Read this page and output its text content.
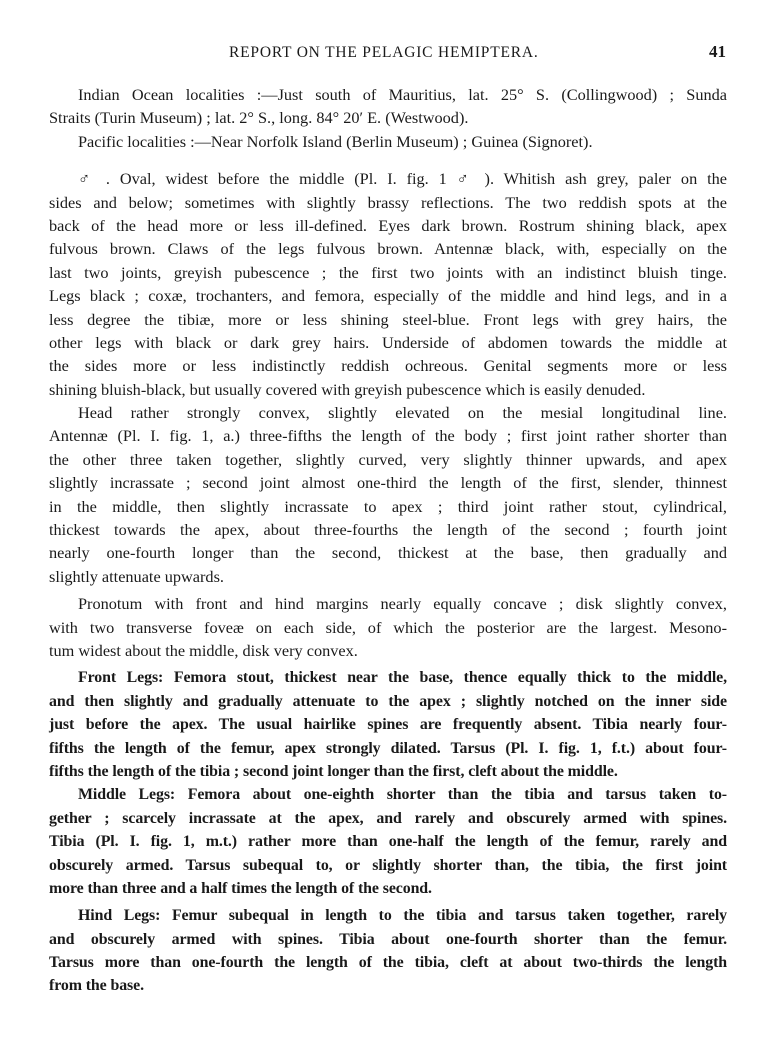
REPORT ON THE PELAGIC HEMIPTERA.	41
Indian Ocean localities :—Just south of Mauritius, lat. 25° S. (Collingwood) ; Sunda
Straits (Turin Museum) ; lat. 2° S., long. 84° 20′ E. (Westwood).
Pacific localities :—Near Norfolk Island (Berlin Museum) ; Guinea (Signoret).
♂ . Oval, widest before the middle (Pl. I. fig. 1 ♂ ). Whitish ash grey, paler on the
sides and below; sometimes with slightly brassy reflections. The two reddish spots at the
back of the head more or less ill-defined. Eyes dark brown. Rostrum shining black, apex
fulvous brown. Claws of the legs fulvous brown. Antennæ black, with, especially on the
last two joints, greyish pubescence ; the first two joints with an indistinct bluish tinge.
Legs black ; coxæ, trochanters, and femora, especially of the middle and hind legs, and in a
less degree the tibiæ, more or less shining steel-blue. Front legs with grey hairs, the
other legs with black or dark grey hairs. Underside of abdomen towards the middle at
the sides more or less indistinctly reddish ochreous. Genital segments more or less
shining bluish-black, but usually covered with greyish pubescence which is easily denuded.
Head rather strongly convex, slightly elevated on the mesial longitudinal line.
Antennæ (Pl. I. fig. 1, a.) three-fifths the length of the body ; first joint rather shorter than
the other three taken together, slightly curved, very slightly thinner upwards, and apex
slightly incrassate ; second joint almost one-third the length of the first, slender, thinnest
in the middle, then slightly incrassate to apex ; third joint rather stout, cylindrical,
thickest towards the apex, about three-fourths the length of the second ; fourth joint
nearly one-fourth longer than the second, thickest at the base, then gradually and
slightly attenuate upwards.
Pronotum with front and hind margins nearly equally concave ; disk slightly convex,
with two transverse foveæ on each side, of which the posterior are the largest. Mesono-
tum widest about the middle, disk very convex.
Front Legs: Femora stout, thickest near the base, thence equally thick to the middle,
and then slightly and gradually attenuate to the apex ; slightly notched on the inner side
just before the apex. The usual hairlike spines are frequently absent. Tibia nearly four-
fifths the length of the femur, apex strongly dilated. Tarsus (Pl. I. fig. 1, f.t.) about four-
fifths the length of the tibia ; second joint longer than the first, cleft about the middle.
Middle Legs: Femora about one-eighth shorter than the tibia and tarsus taken to-
gether ; scarcely incrassate at the apex, and rarely and obscurely armed with spines.
Tibia (Pl. I. fig. 1, m.t.) rather more than one-half the length of the femur, rarely and
obscurely armed. Tarsus subequal to, or slightly shorter than, the tibia, the first joint
more than three and a half times the length of the second.
Hind Legs: Femur subequal in length to the tibia and tarsus taken together, rarely
and obscurely armed with spines. Tibia about one-fourth shorter than the femur.
Tarsus more than one-fourth the length of the tibia, cleft at about two-thirds the length
from the base.
